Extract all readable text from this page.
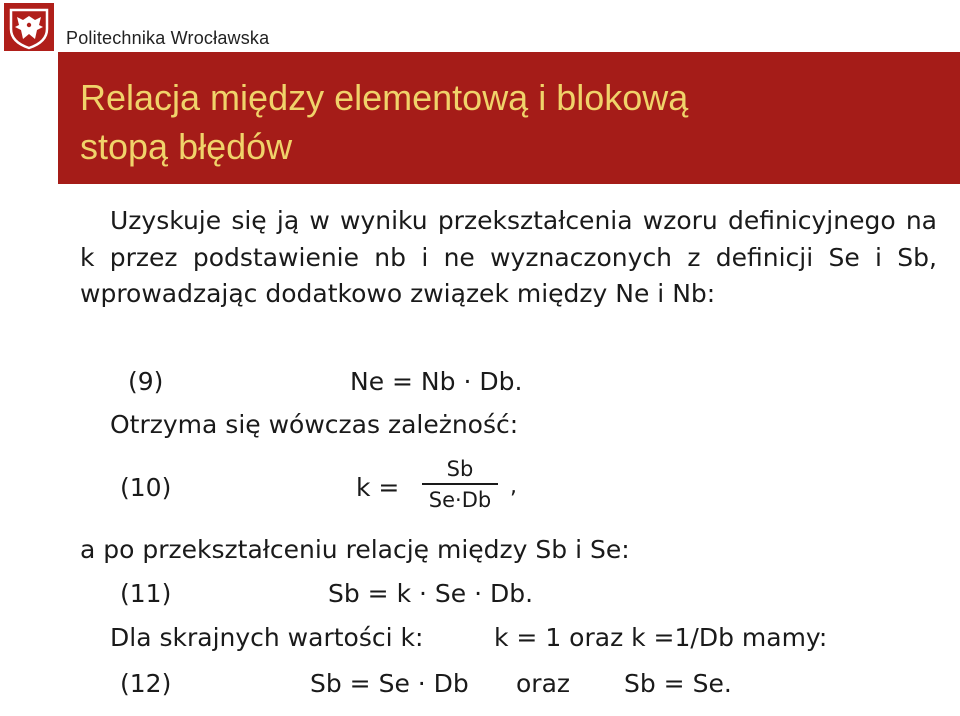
Politechnika Wrocławska
Relacja między elementową i blokową
stopą błędów

Uzyskuje się ją w wyniku przekształcenia wzoru definicyjnego na k przez podstawienie nb i ne wyznaczonych z definicji Se i Sb, wprowadzając dodatkowo związek między Ne i Nb:

(9)	Ne = Nb · Db.
Otrzyma się wówczas zależność:
(10)	k =
Sb
Se·Db
,
a po przekształceniu relację między Sb i Se:
(11)	Sb = k · Se · Db.
Dla skrajnych wartości k:	k = 1 oraz k =1/Db mamy:
(12)	Sb = Se · Db oraz Sb = Se.
